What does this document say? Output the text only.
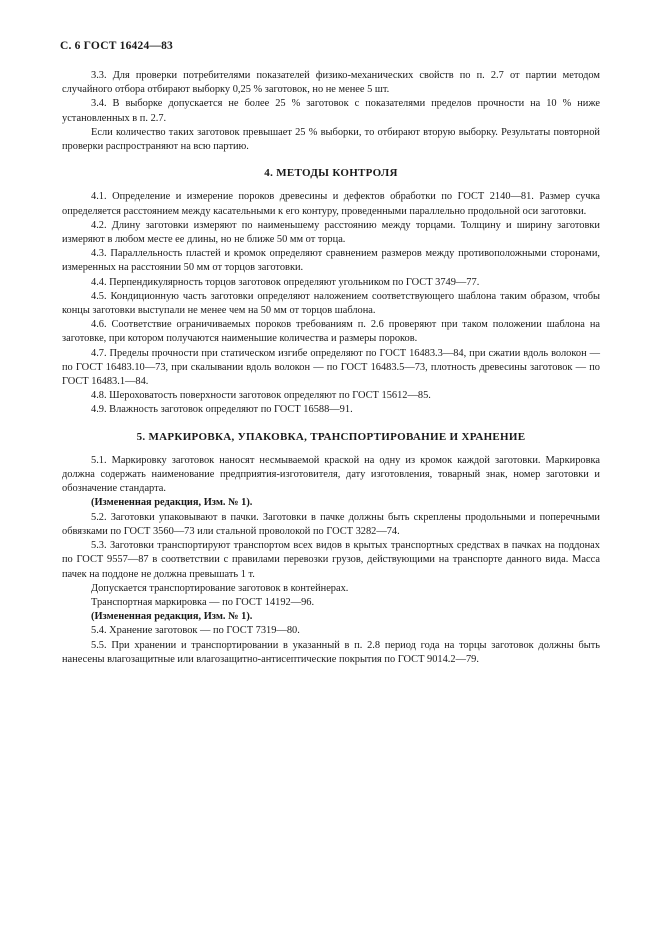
С. 6 ГОСТ 16424—83

3.3. Для проверки потребителями показателей физико-механических свойств по п. 2.7 от партии методом случайного отбора отбирают выборку 0,25 % заготовок, но не менее 5 шт.

3.4. В выборке допускается не более 25 % заготовок с показателями пределов прочности на 10 % ниже установленных в п. 2.7.

Если количество таких заготовок превышает 25 % выборки, то отбирают вторую выборку. Результаты повторной проверки распространяют на всю партию.

4. МЕТОДЫ КОНТРОЛЯ

4.1. Определение и измерение пороков древесины и дефектов обработки по ГОСТ 2140—81. Размер сучка определяется расстоянием между касательными к его контуру, проведенными параллельно продольной оси заготовки.

4.2. Длину заготовки измеряют по наименьшему расстоянию между торцами. Толщину и ширину заготовки измеряют в любом месте ее длины, но не ближе 50 мм от торца.

4.3. Параллельность пластей и кромок определяют сравнением размеров между противоположными сторонами, измеренных на расстоянии 50 мм от торцов заготовки.

4.4. Перпендикулярность торцов заготовок определяют угольником по ГОСТ 3749—77.

4.5. Кондиционную часть заготовки определяют наложением соответствующего шаблона таким образом, чтобы концы заготовки выступали не менее чем на 50 мм от торцов шаблона.

4.6. Соответствие ограничиваемых пороков требованиям п. 2.6 проверяют при таком положении шаблона на заготовке, при котором получаются наименьшие количества и размеры пороков.

4.7. Пределы прочности при статическом изгибе определяют по ГОСТ 16483.3—84, при сжатии вдоль волокон — по ГОСТ 16483.10—73, при скалывании вдоль волокон — по ГОСТ 16483.5—73, плотность древесины заготовок — по ГОСТ 16483.1—84.

4.8. Шероховатость поверхности заготовок определяют по ГОСТ 15612—85.

4.9. Влажность заготовок определяют по ГОСТ 16588—91.

5. МАРКИРОВКА, УПАКОВКА, ТРАНСПОРТИРОВАНИЕ И ХРАНЕНИЕ

5.1. Маркировку заготовок наносят несмываемой краской на одну из кромок каждой заготовки. Маркировка должна содержать наименование предприятия-изготовителя, дату изготовления, товарный знак, номер заготовки и обозначение стандарта.

(Измененная редакция, Изм. № 1).

5.2. Заготовки упаковывают в пачки. Заготовки в пачке должны быть скреплены продольными и поперечными обвязками по ГОСТ 3560—73 или стальной проволокой по ГОСТ 3282—74.

5.3. Заготовки транспортируют транспортом всех видов в крытых транспортных средствах в пачках на поддонах по ГОСТ 9557—87 в соответствии с правилами перевозки грузов, действующими на транспорте данного вида. Масса пачек на поддоне не должна превышать 1 т.

Допускается транспортирование заготовок в контейнерах.

Транспортная маркировка — по ГОСТ 14192—96.

(Измененная редакция, Изм. № 1).

5.4. Хранение заготовок — по ГОСТ 7319—80.

5.5. При хранении и транспортировании в указанный в п. 2.8 период года на торцы заготовок должны быть нанесены влагозащитные или влагозащитно-антисептические покрытия по ГОСТ 9014.2—79.
